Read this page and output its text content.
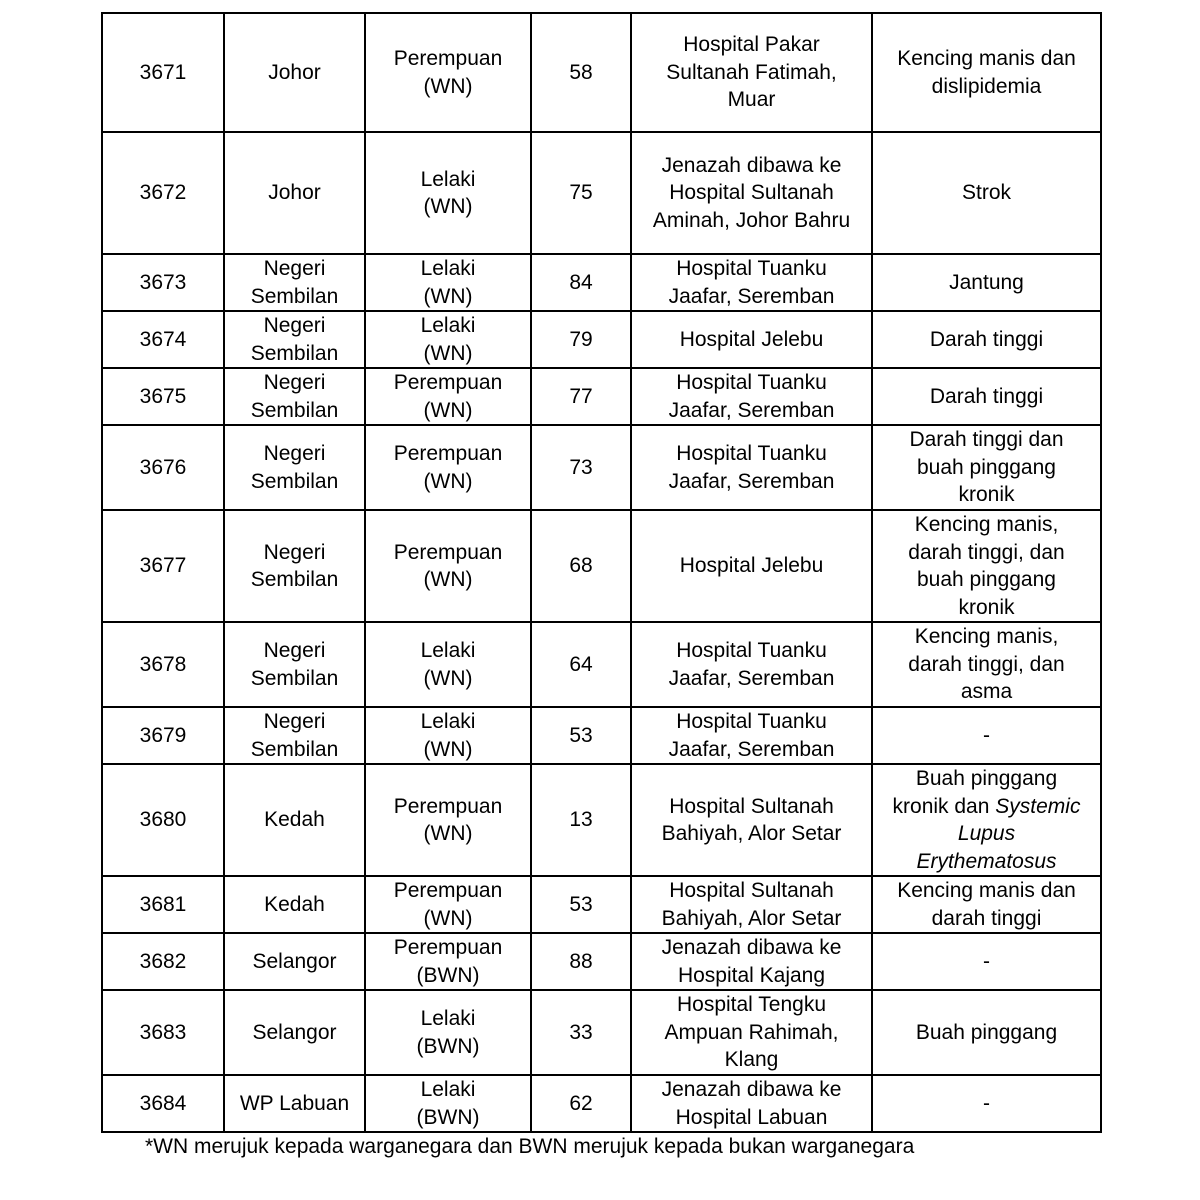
3671	Johor	Perempuan
(WN)	58	Hospital Pakar
Sultanah Fatimah,
Muar	Kencing manis dan
dislipidemia

3672	Johor	Lelaki
(WN)	75	Jenazah dibawa ke
Hospital Sultanah
Aminah, Johor Bahru	Strok

3673	Negeri
Sembilan	Lelaki
(WN)	84	Hospital Tuanku
Jaafar, Seremban	Jantung

3674	Negeri
Sembilan	Lelaki
(WN)	79	Hospital Jelebu	Darah tinggi

3675	Negeri
Sembilan	Perempuan
(WN)	77	Hospital Tuanku
Jaafar, Seremban	Darah tinggi

3676	Negeri
Sembilan	Perempuan
(WN)	73	Hospital Tuanku
Jaafar, Seremban	Darah tinggi dan
buah pinggang
kronik

3677	Negeri
Sembilan	Perempuan
(WN)	68	Hospital Jelebu	Kencing manis,
darah tinggi, dan
buah pinggang
kronik

3678	Negeri
Sembilan	Lelaki
(WN)	64	Hospital Tuanku
Jaafar, Seremban	Kencing manis,
darah tinggi, dan
asma

3679	Negeri
Sembilan	Lelaki
(WN)	53	Hospital Tuanku
Jaafar, Seremban	-

3680	Kedah	Perempuan
(WN)	13	Hospital Sultanah
Bahiyah, Alor Setar	Buah pinggang
kronik dan Systemic
Lupus
Erythematosus

3681	Kedah	Perempuan
(WN)	53	Hospital Sultanah
Bahiyah, Alor Setar	Kencing manis dan
darah tinggi

3682	Selangor	Perempuan
(BWN)	88	Jenazah dibawa ke
Hospital Kajang	-

3683	Selangor	Lelaki
(BWN)	33	Hospital Tengku
Ampuan Rahimah,
Klang	Buah pinggang

3684	WP Labuan	Lelaki
(BWN)	62	Jenazah dibawa ke
Hospital Labuan	-
*WN merujuk kepada warganegara dan BWN merujuk kepada bukan warganegara
